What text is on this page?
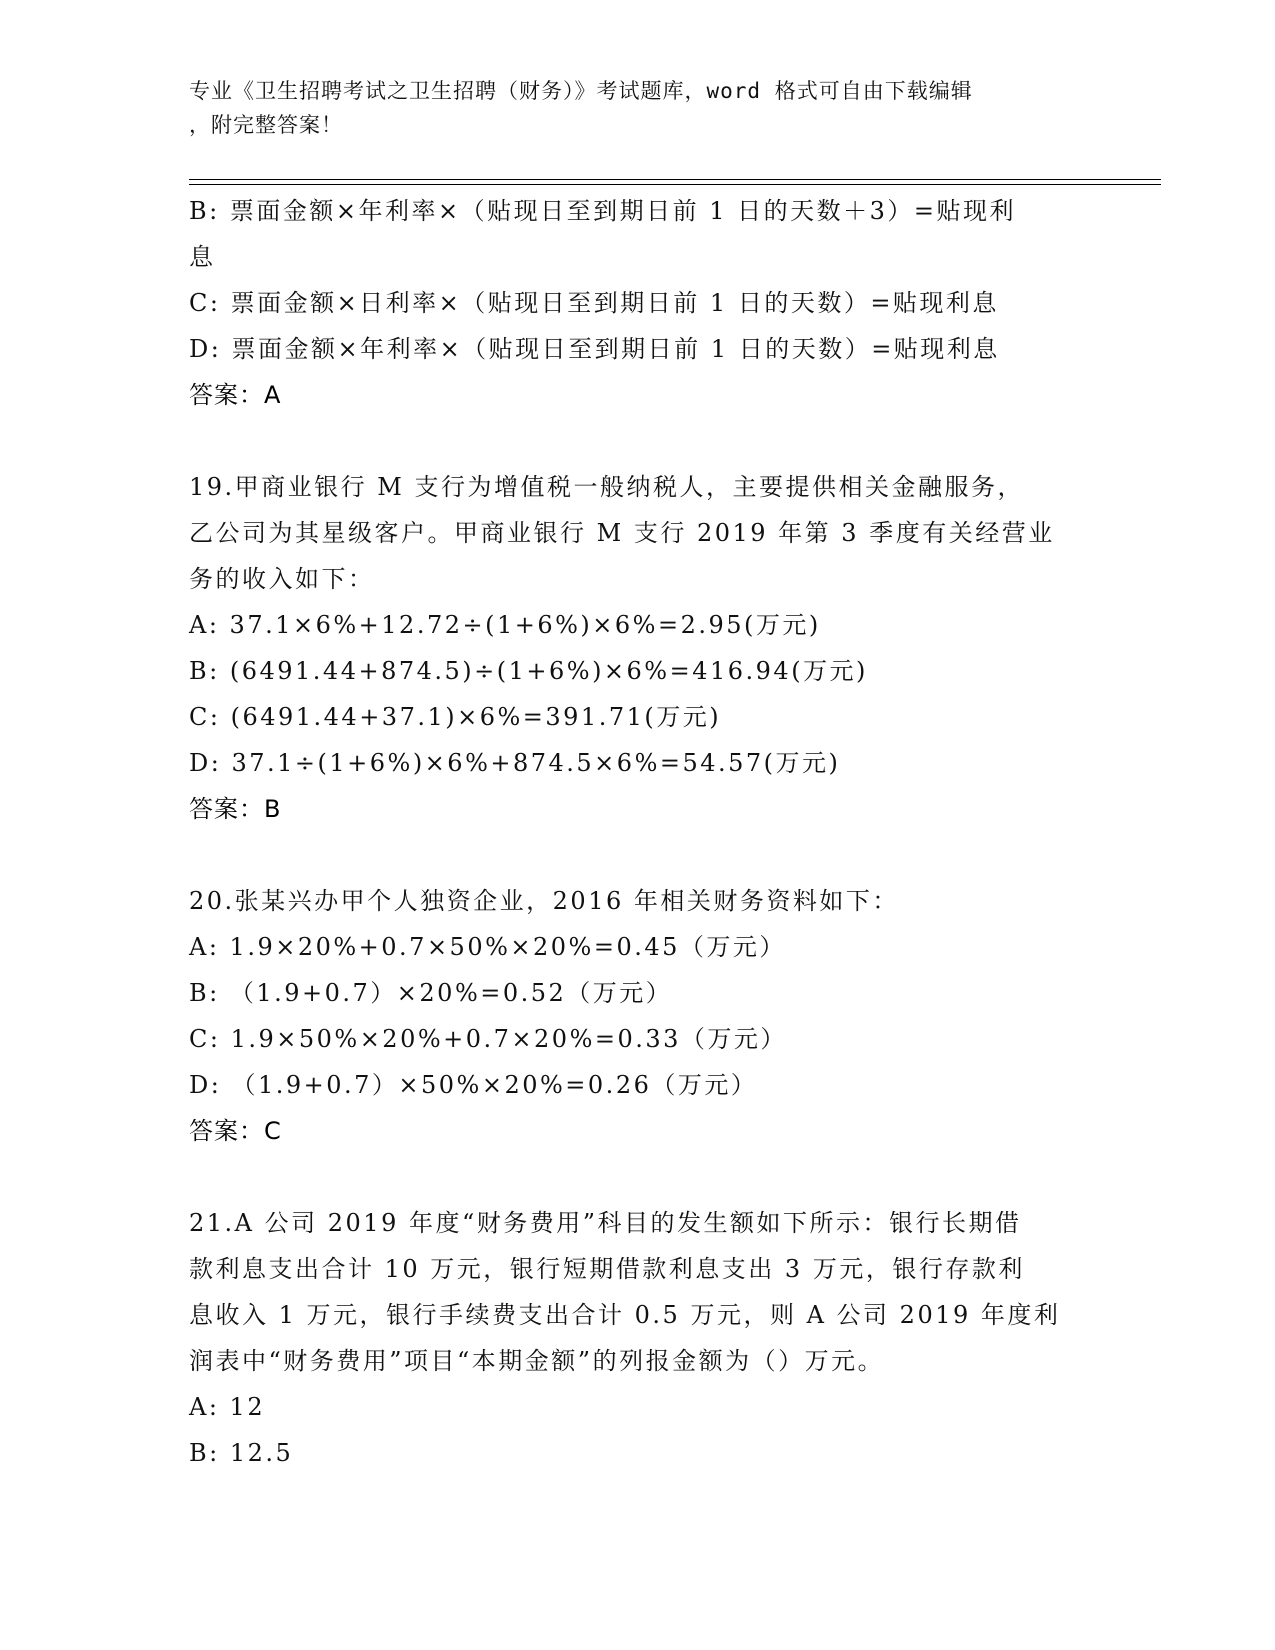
专业《卫生招聘考试之卫生招聘（财务）》考试题库，word 格式可自由下载编辑
，附完整答案！
B: 票面金额×年利率×（贴现日至到期日前 1 日的天数＋3）=贴现利
息
C: 票面金额×日利率×（贴现日至到期日前 1 日的天数）=贴现利息
D: 票面金额×年利率×（贴现日至到期日前 1 日的天数）=贴现利息
答案：A
19.甲商业银行 M 支行为增值税一般纳税人，主要提供相关金融服务，
乙公司为其星级客户。甲商业银行 M 支行 2019 年第 3 季度有关经营业
务的收入如下：
A: 37.1×6%+12.72÷(1+6%)×6%=2.95(万元)
B: (6491.44+874.5)÷(1+6%)×6%=416.94(万元)
C: (6491.44+37.1)×6%=391.71(万元)
D: 37.1÷(1+6%)×6%+874.5×6%=54.57(万元)
答案：B
20.张某兴办甲个人独资企业，2016 年相关财务资料如下：
A: 1.9×20%+0.7×50%×20%=0.45（万元）
B: （1.9+0.7）×20%=0.52（万元）
C: 1.9×50%×20%+0.7×20%=0.33（万元）
D: （1.9+0.7）×50%×20%=0.26（万元）
答案：C
21.A 公司 2019 年度“财务费用”科目的发生额如下所示：银行长期借
款利息支出合计 10 万元，银行短期借款利息支出 3 万元，银行存款利
息收入 1 万元，银行手续费支出合计 0.5 万元，则 A 公司 2019 年度利
润表中“财务费用”项目“本期金额”的列报金额为（）万元。
A: 12
B: 12.5
